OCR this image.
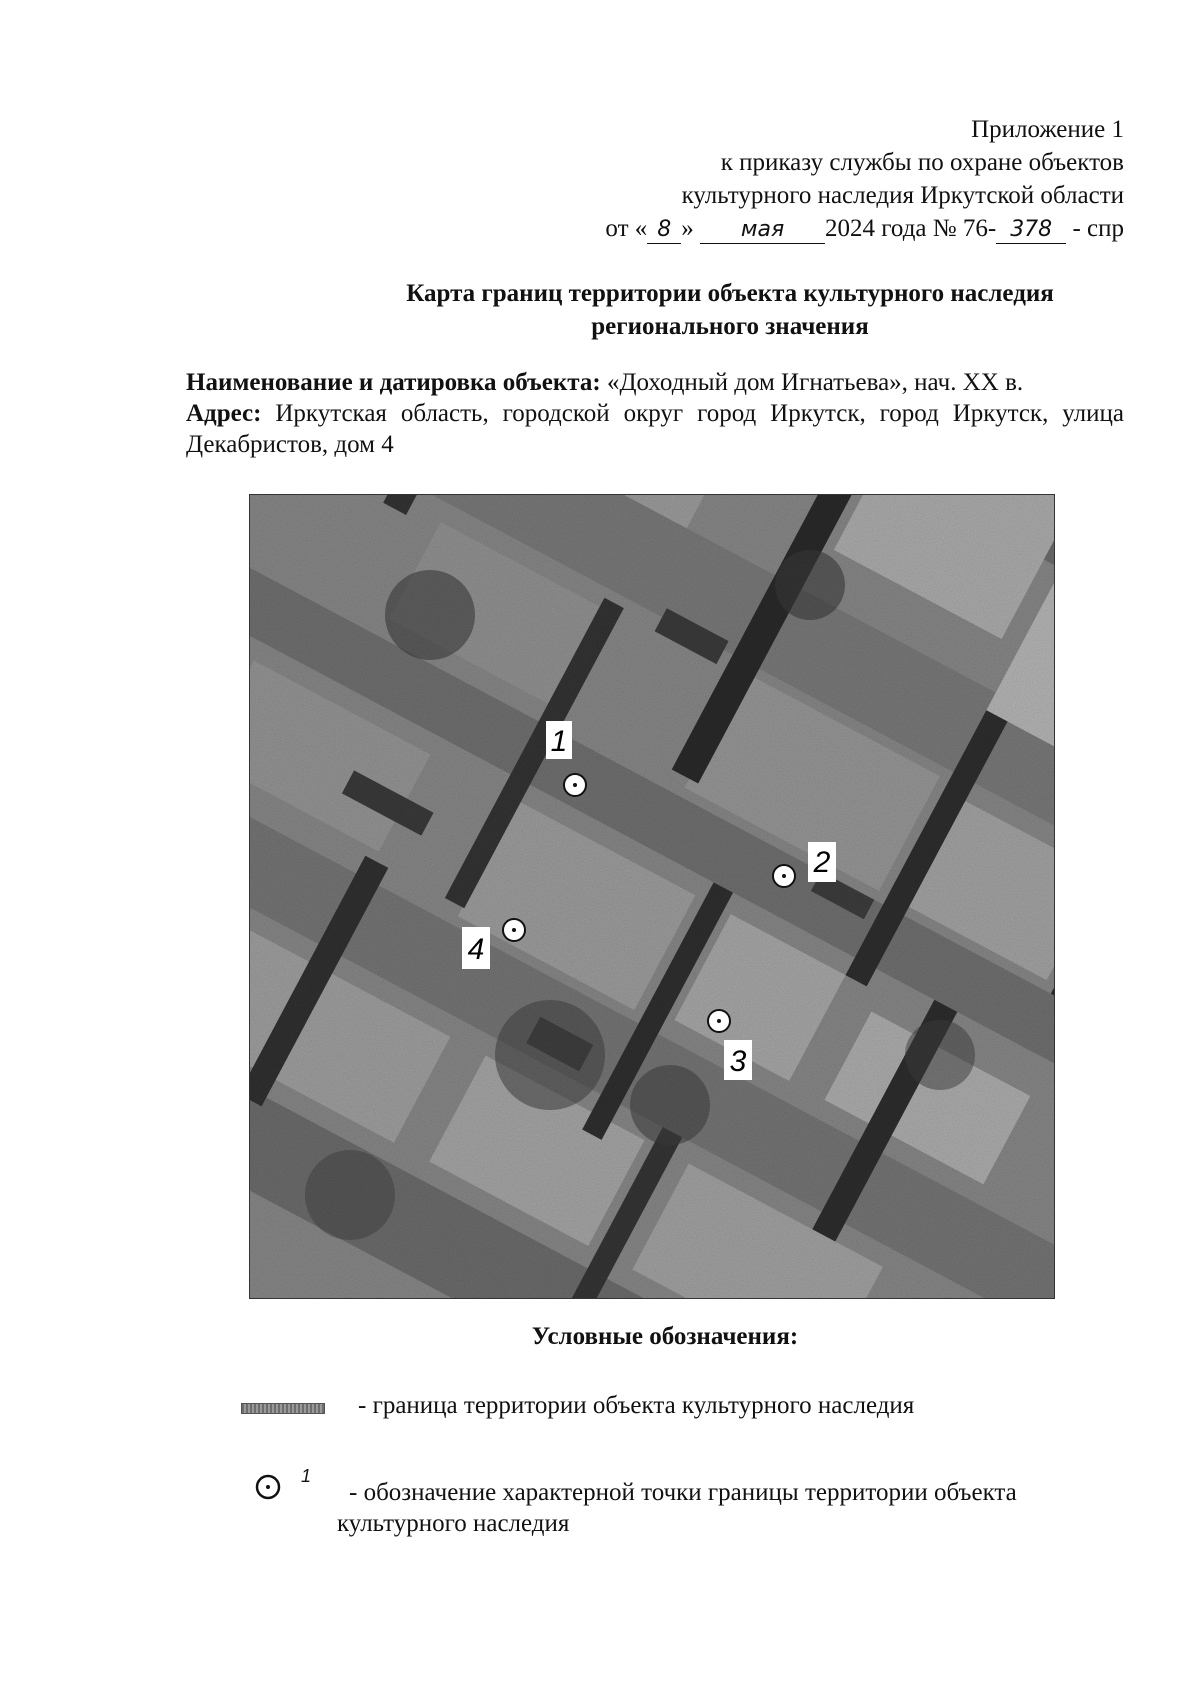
Приложение 1
к приказу службы по охране объектов
культурного наследия Иркутской области
от « 8 » мая 2024 года № 76- 378 - спр
Карта границ территории объекта культурного наследия
регионального значения
Наименование и датировка объекта: «Доходный дом Игнатьева», нач. XX в.
Адрес: Иркутская область, городской округ город Иркутск, город Иркутск, улица Декабристов, дом 4
1
2
3
4
Условные обозначения:
- граница территории объекта культурного наследия
1
- обозначение характерной точки границы территории объекта
культурного наследия
